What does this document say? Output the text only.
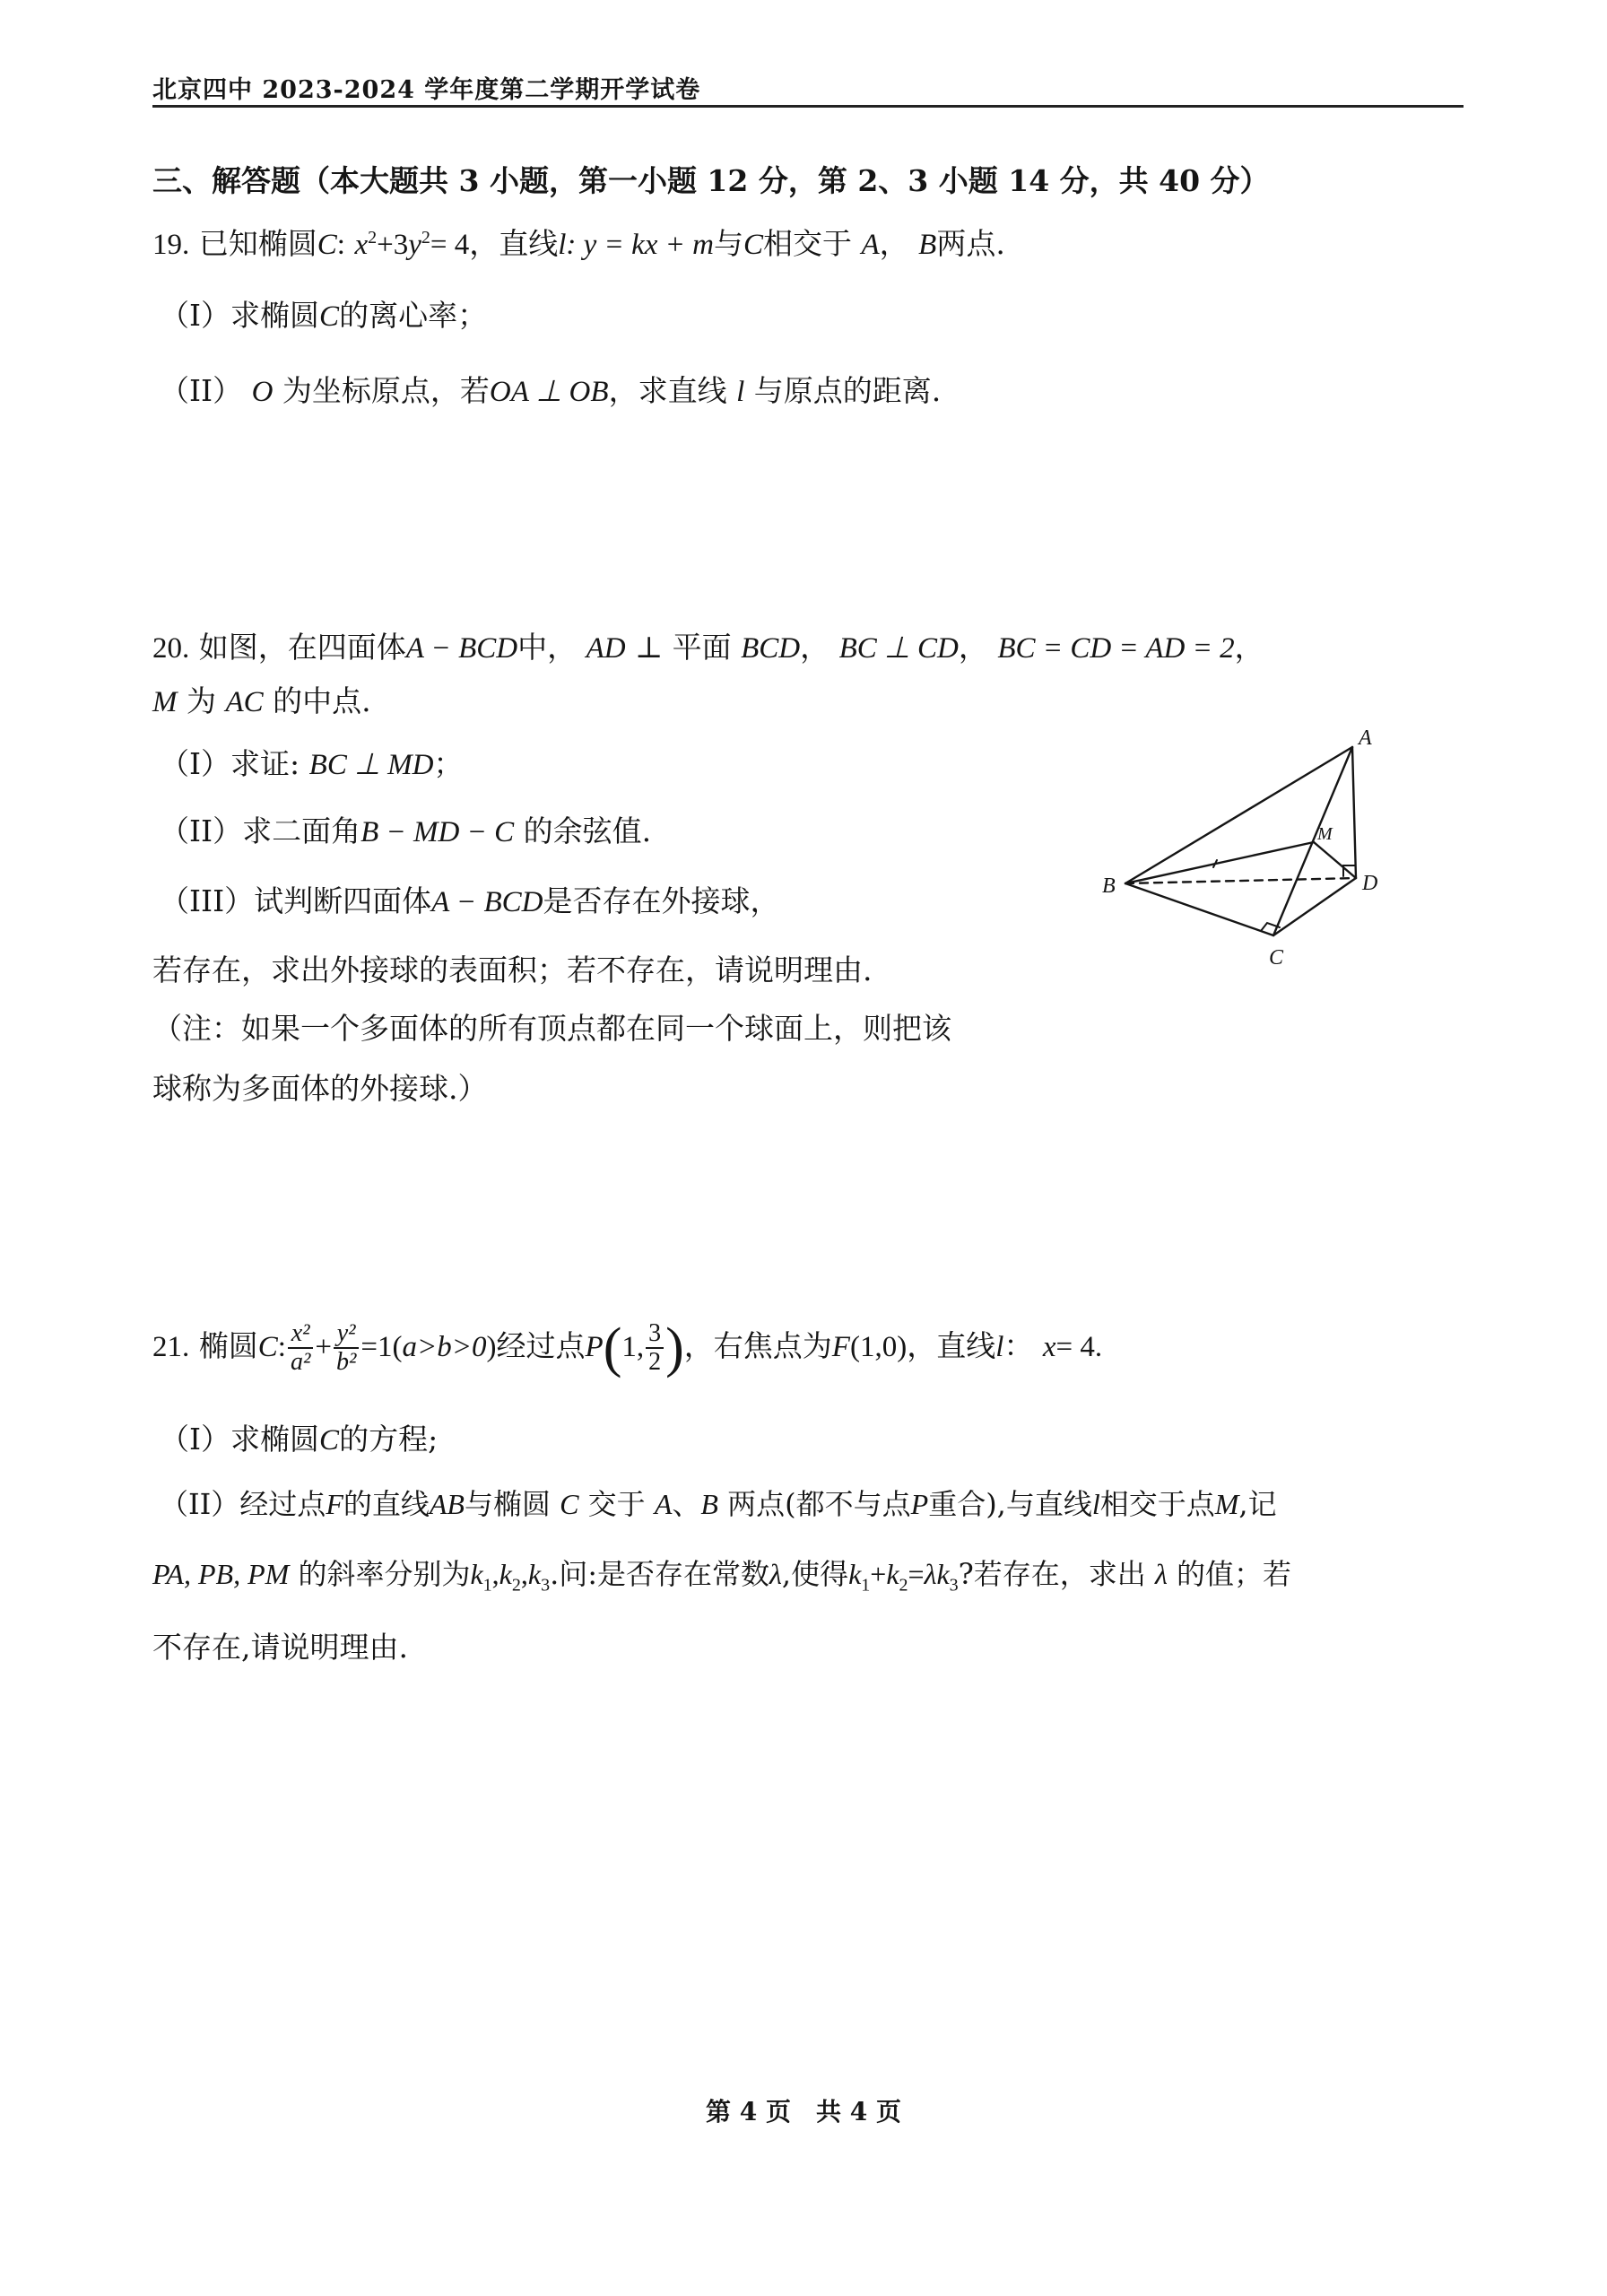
北京四中 2023-2024 学年度第二学期开学试卷
三、解答题（本大题共 3 小题，第一小题 12 分，第 2、3 小题 14 分，共 40 分）
19. 已知椭圆C: $x^2+3y^2= 4$，直线l: y = kx + m与C相交于 A， B两点.
（I）求椭圆C的离心率；
（II） O 为坐标原点，若OA ⊥ OB，求直线 l 与原点的距离.
20. 如图，在四面体A − BCD中， AD ⊥ 平面 BCD， BC ⊥ CD， BC = CD = AD = 2，
M 为 AC 的中点.
（I）求证: BC ⊥ MD；
（II）求二面角B − MD − C 的余弦值.
（III）试判断四面体A − BCD是否存在外接球，
若存在，求出外接球的表面积；若不存在，请说明理由.
（注：如果一个多面体的所有顶点都在同一个球面上，则把该
球称为多面体的外接球.）
A
B
C
D
M
21. 椭圆C: $\frac{\text{x²}}{\text{a²}} + \frac{\text{y²}}{\text{b²}} =1(a>b>0)$经过点P(1, $\frac{3}{2}$ )，右焦点为F(1,0)，直线l： x= 4.
（I）求椭圆C的方程;
（II）经过点F的直线AB与椭圆 C 交于 A、B 两点(都不与点P重合),与直线l相交于点M,记
PA, PB, PM 的斜率分别为$k_1,k_2,k_3$.问:是否存在常数λ,使得$k_1+k_2=\lambda k_3$?若存在，求出 λ 的值；若
不存在,请说明理由.
第 4 页　共 4 页
